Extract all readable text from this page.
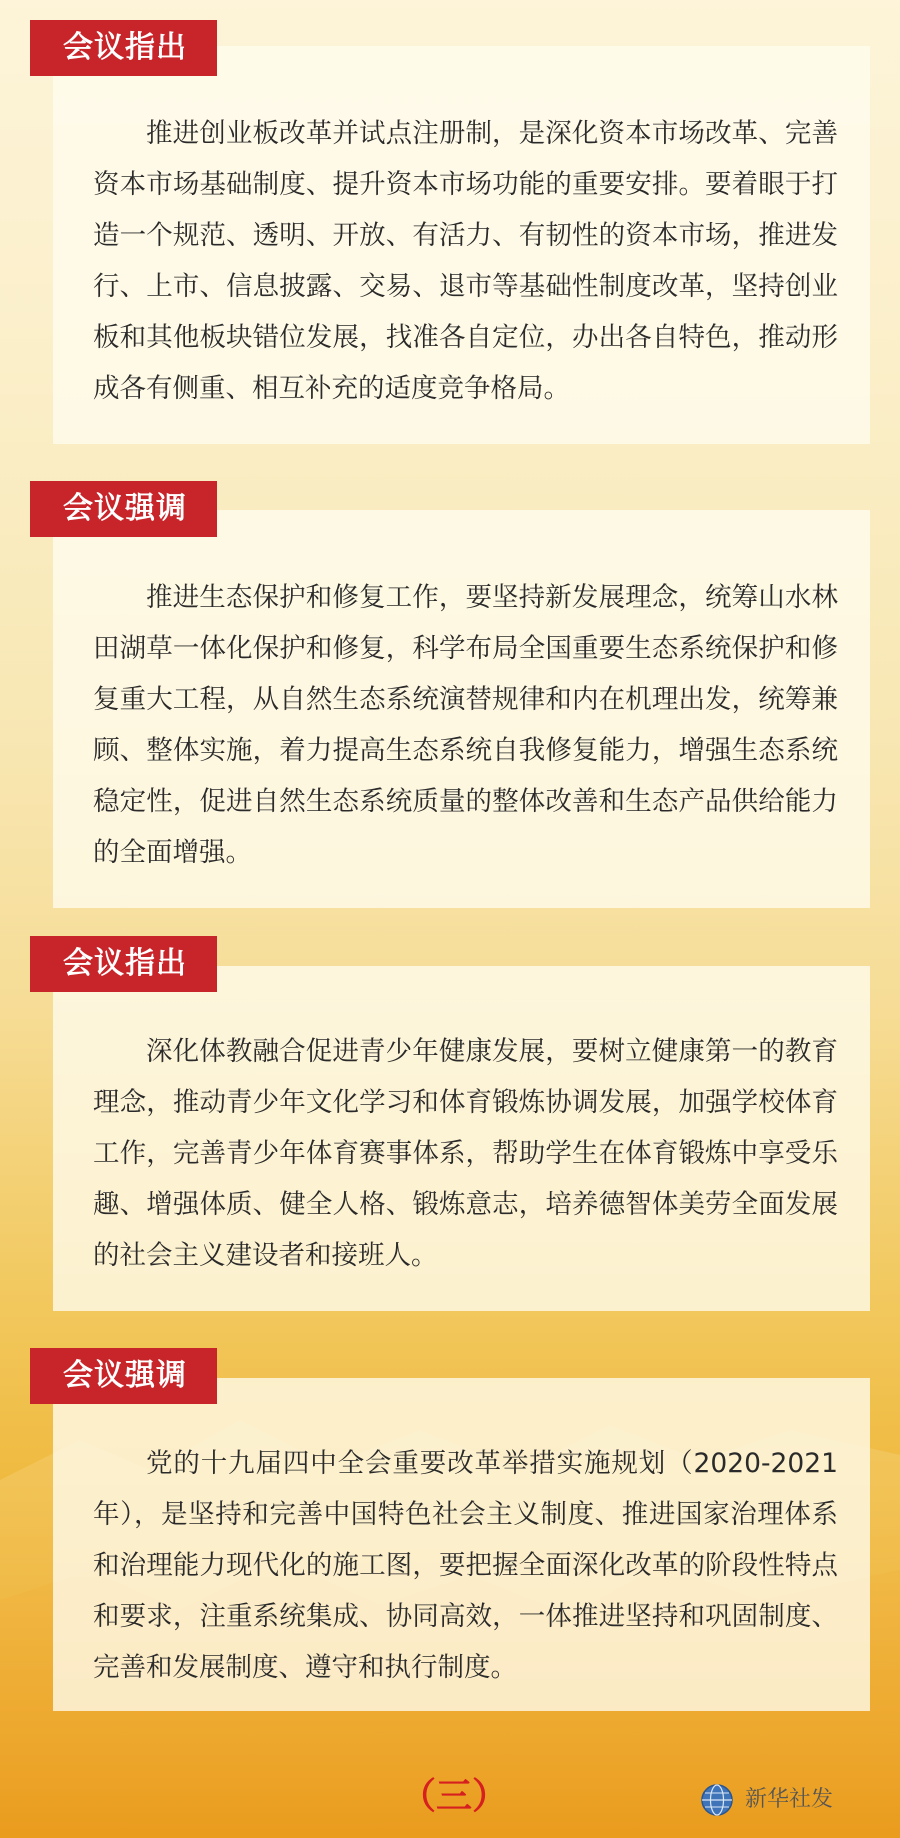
会议指出

推进创业板改革并试点注册制，是深化资本市场改革、完善资本市场基础制度、提升资本市场功能的重要安排。要着眼于打造一个规范、透明、开放、有活力、有韧性的资本市场，推进发行、上市、信息披露、交易、退市等基础性制度改革，坚持创业板和其他板块错位发展，找准各自定位，办出各自特色，推动形成各有侧重、相互补充的适度竞争格局。

会议强调

推进生态保护和修复工作，要坚持新发展理念，统筹山水林田湖草一体化保护和修复，科学布局全国重要生态系统保护和修复重大工程，从自然生态系统演替规律和内在机理出发，统筹兼顾、整体实施，着力提高生态系统自我修复能力，增强生态系统稳定性，促进自然生态系统质量的整体改善和生态产品供给能力的全面增强。

会议指出

深化体教融合促进青少年健康发展，要树立健康第一的教育理念，推动青少年文化学习和体育锻炼协调发展，加强学校体育工作，完善青少年体育赛事体系，帮助学生在体育锻炼中享受乐趣、增强体质、健全人格、锻炼意志，培养德智体美劳全面发展的社会主义建设者和接班人。

会议强调

党的十九届四中全会重要改革举措实施规划（2020-2021年），是坚持和完善中国特色社会主义制度、推进国家治理体系和治理能力现代化的施工图，要把握全面深化改革的阶段性特点和要求，注重系统集成、协同高效，一体推进坚持和巩固制度、完善和发展制度、遵守和执行制度。

（三）	新华社发
